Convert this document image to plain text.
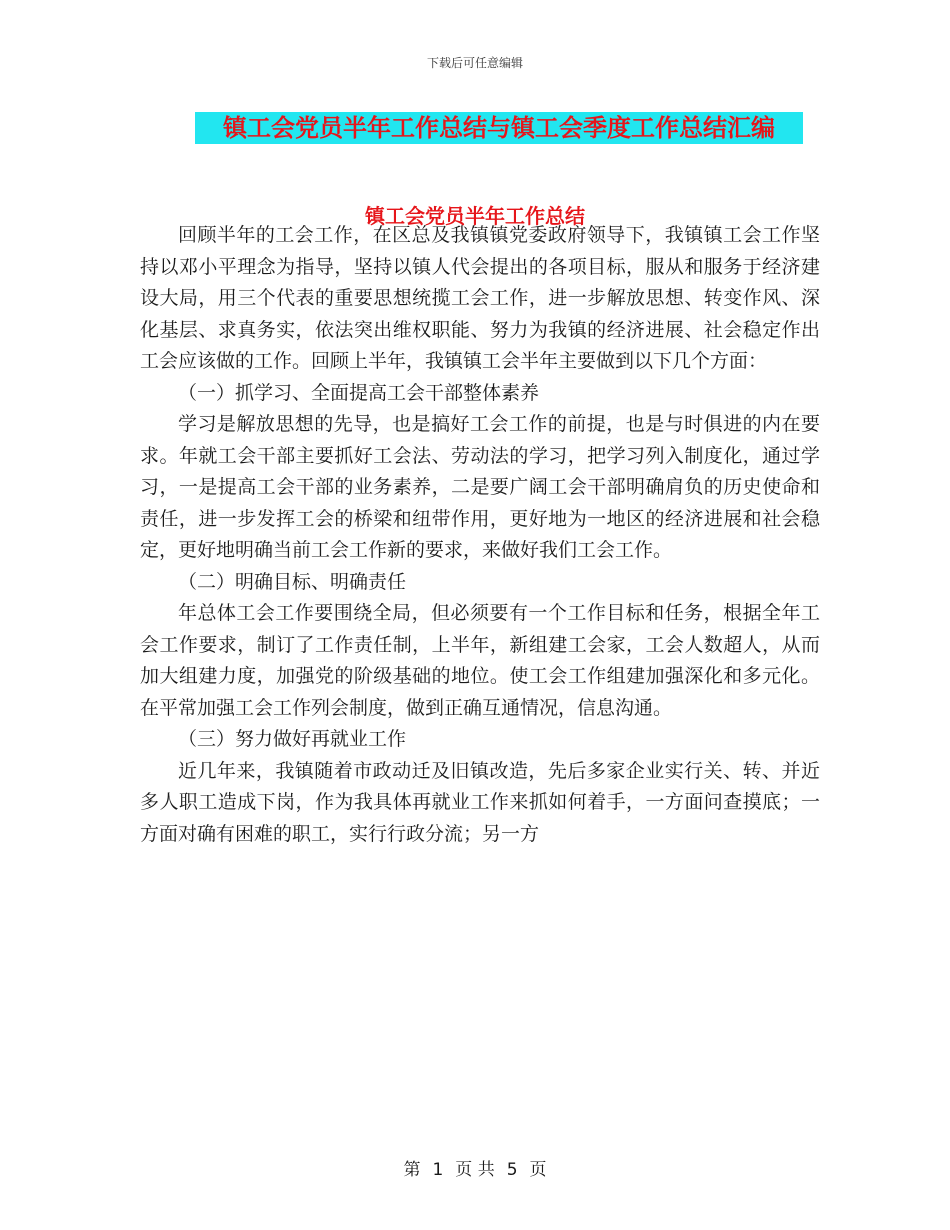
下载后可任意编辑
镇工会党员半年工作总结与镇工会季度工作总结汇编
镇工会党员半年工作总结

回顾半年的工会工作，在区总及我镇镇党委政府领导下，我镇镇工会工作坚持以邓小平理念为指导，坚持以镇人代会提出的各项目标，服从和服务于经济建设大局，用三个代表的重要思想统揽工会工作，进一步解放思想、转变作风、深化基层、求真务实，依法突出维权职能、努力为我镇的经济进展、社会稳定作出工会应该做的工作。回顾上半年，我镇镇工会半年主要做到以下几个方面：

（一）抓学习、全面提高工会干部整体素养

学习是解放思想的先导，也是搞好工会工作的前提，也是与时俱进的内在要求。年就工会干部主要抓好工会法、劳动法的学习，把学习列入制度化，通过学习，一是提高工会干部的业务素养，二是要广阔工会干部明确肩负的历史使命和责任，进一步发挥工会的桥梁和纽带作用，更好地为一地区的经济进展和社会稳定，更好地明确当前工会工作新的要求，来做好我们工会工作。

（二）明确目标、明确责任

年总体工会工作要围绕全局，但必须要有一个工作目标和任务，根据全年工会工作要求，制订了工作责任制，上半年，新组建工会家，工会人数超人，从而加大组建力度，加强党的阶级基础的地位。使工会工作组建加强深化和多元化。在平常加强工会工作列会制度，做到正确互通情况，信息沟通。

（三）努力做好再就业工作

近几年来，我镇随着市政动迁及旧镇改造，先后多家企业实行关、转、并近多人职工造成下岗，作为我具体再就业工作来抓如何着手，一方面问查摸底；一方面对确有困难的职工，实行行政分流；另一方

第 1 页 共 5 页
